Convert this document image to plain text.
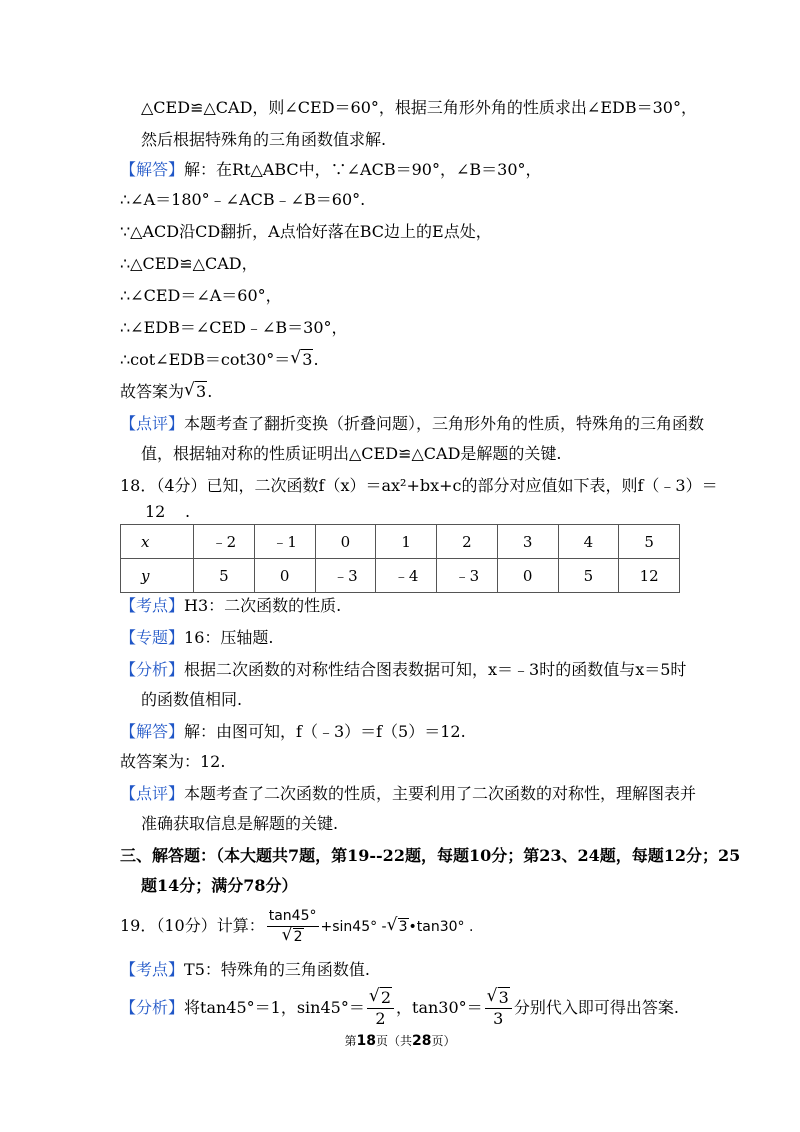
△CED≌△CAD，则∠CED＝60°，根据三角形外角的性质求出∠EDB＝30°，
然后根据特殊角的三角函数值求解.
【解答】解：在Rt△ABC中，∵∠ACB＝90°，∠B＝30°，
∴∠A＝180°﹣∠ACB﹣∠B＝60°.
∵△ACD沿CD翻折，A点恰好落在BC边上的E点处，
∴△CED≌△CAD，
∴∠CED＝∠A＝60°，
∴∠EDB＝∠CED﹣∠B＝30°，
∴cot∠EDB＝cot30°＝ √ 3.
故答案为 √ 3.
【点评】本题考查了翻折变换（折叠问题），三角形外角的性质，特殊角的三角函数
值，根据轴对称的性质证明出△CED≌△CAD是解题的关键.
18．（4分）已知，二次函数f（x）＝ax²+bx+c的部分对应值如下表，则f（﹣3）＝
12 .
x	﹣2	﹣1	0	1	2	3	4	5
y	5	0	﹣3	﹣4	﹣3	0	5	12
【考点】H3：二次函数的性质.
【专题】16：压轴题.
【分析】根据二次函数的对称性结合图表数据可知，x＝﹣3时的函数值与x＝5时
的函数值相同.
【解答】解：由图可知，f（﹣3）＝f（5）＝12.
故答案为：12.
【点评】本题考查了二次函数的性质，主要利用了二次函数的对称性，理解图表并
准确获取信息是解题的关键.
三、解答题：（本大题共7题，第19--22题，每题10分；第23、24题，每题12分；25
题14分；满分78分）
19．（10分）计算： tan45°
√ 2 +sin45° - √ 3•tan30° .
【考点】T5：特殊角的三角函数值.
【分析】将tan45°＝1，sin45°＝ √ $\frac{2}{2}$ ，tan30°＝ √ $\frac{3}{3}$ 分别代入即可得出答案.
第18页（共28页）
